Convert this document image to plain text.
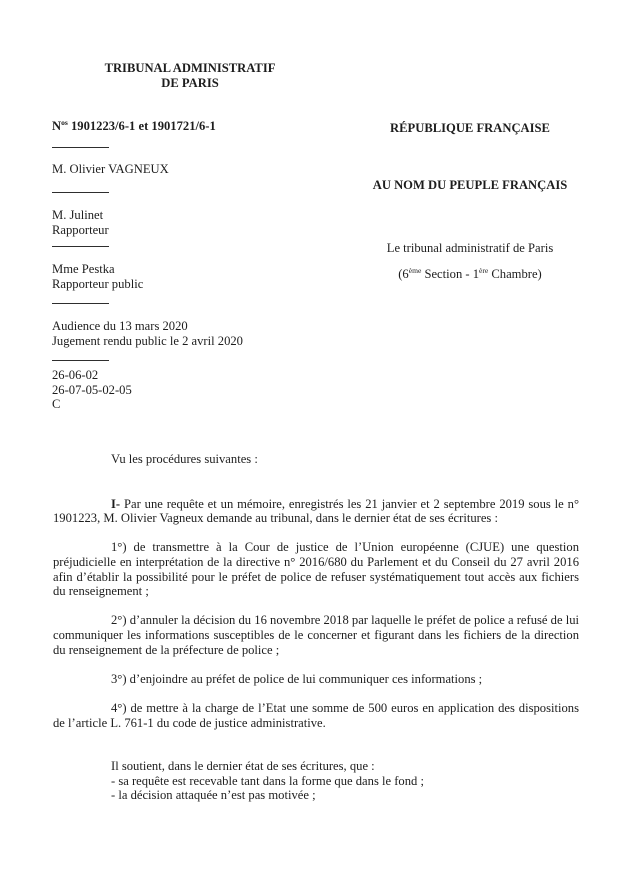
TRIBUNAL ADMINISTRATIF
DE PARIS
$N^{os}$ 1901223/6-1 et 1901721/6-1
M. Olivier VAGNEUX
M. Julinet
Rapporteur
Mme Pestka
Rapporteur public
Audience du 13 mars 2020
Jugement rendu public le 2 avril 2020
26-06-02
26-07-05-02-05
C
RÉPUBLIQUE FRANÇAISE
AU NOM DU PEUPLE FRANÇAIS
Le tribunal administratif de Paris
(6ème Section - 1ère Chambre)

Vu les procédures suivantes :

I- Par une requête et un mémoire, enregistrés les 21 janvier et 2 septembre 2019 sous le n° 1901223, M. Olivier Vagneux demande au tribunal, dans le dernier état de ses écritures :

1°) de transmettre à la Cour de justice de l’Union européenne (CJUE) une question préjudicielle en interprétation de la directive n° 2016/680 du Parlement et du Conseil du 27 avril 2016 afin d’établir la possibilité pour le préfet de police de refuser systématiquement tout accès aux fichiers du renseignement ;

2°) d’annuler la décision du 16 novembre 2018 par laquelle le préfet de police a refusé de lui communiquer les informations susceptibles de le concerner et figurant dans les fichiers de la direction du renseignement de la préfecture de police ;

3°) d’enjoindre au préfet de police de lui communiquer ces informations ;

4°) de mettre à la charge de l’Etat une somme de 500 euros en application des dispositions de l’article L. 761-1 du code de justice administrative.

Il soutient, dans le dernier état de ses écritures, que :

- sa requête est recevable tant dans la forme que dans le fond ;

- la décision attaquée n’est pas motivée ;
